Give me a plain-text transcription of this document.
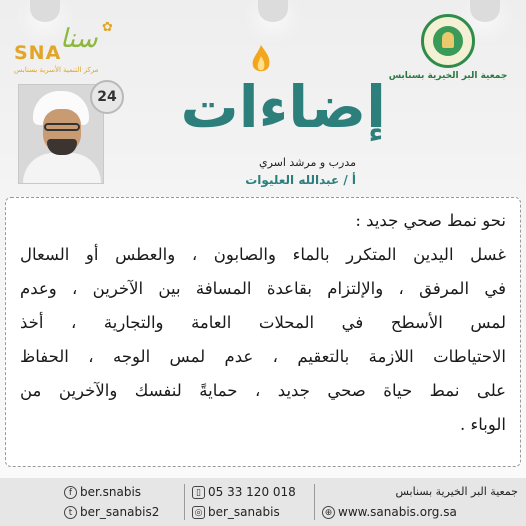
✿
سنا
SNA
مركز التنمية الأسرية بسنابس
جمعية البر الخيرية بسنابس
إضاءات
24
مدرب و مرشد اسري
أ / عبدالله العليوات
نحو نمط صحي جديد :
غسل اليدين المتكرر بالماء والصابون ، والعطس أو السعال
في المرفق ، والإلتزام بقاعدة المسافة بين الآخرين ، وعدم
لمس الأسطح في المحلات العامة والتجارية ، أخذ
الاحتياطات اللازمة بالتعقيم ، عدم لمس الوجه ، الحفاظ
على نمط حياة صحي جديد ، حمايةً لنفسك والآخرين من
الوباء .
f ber.snabis
t ber_sanabis2
▯ 05 33 120 018
◎ ber_sanabis
جمعية البر الخيرية بسنابس
⊕ www.sanabis.org.sa
